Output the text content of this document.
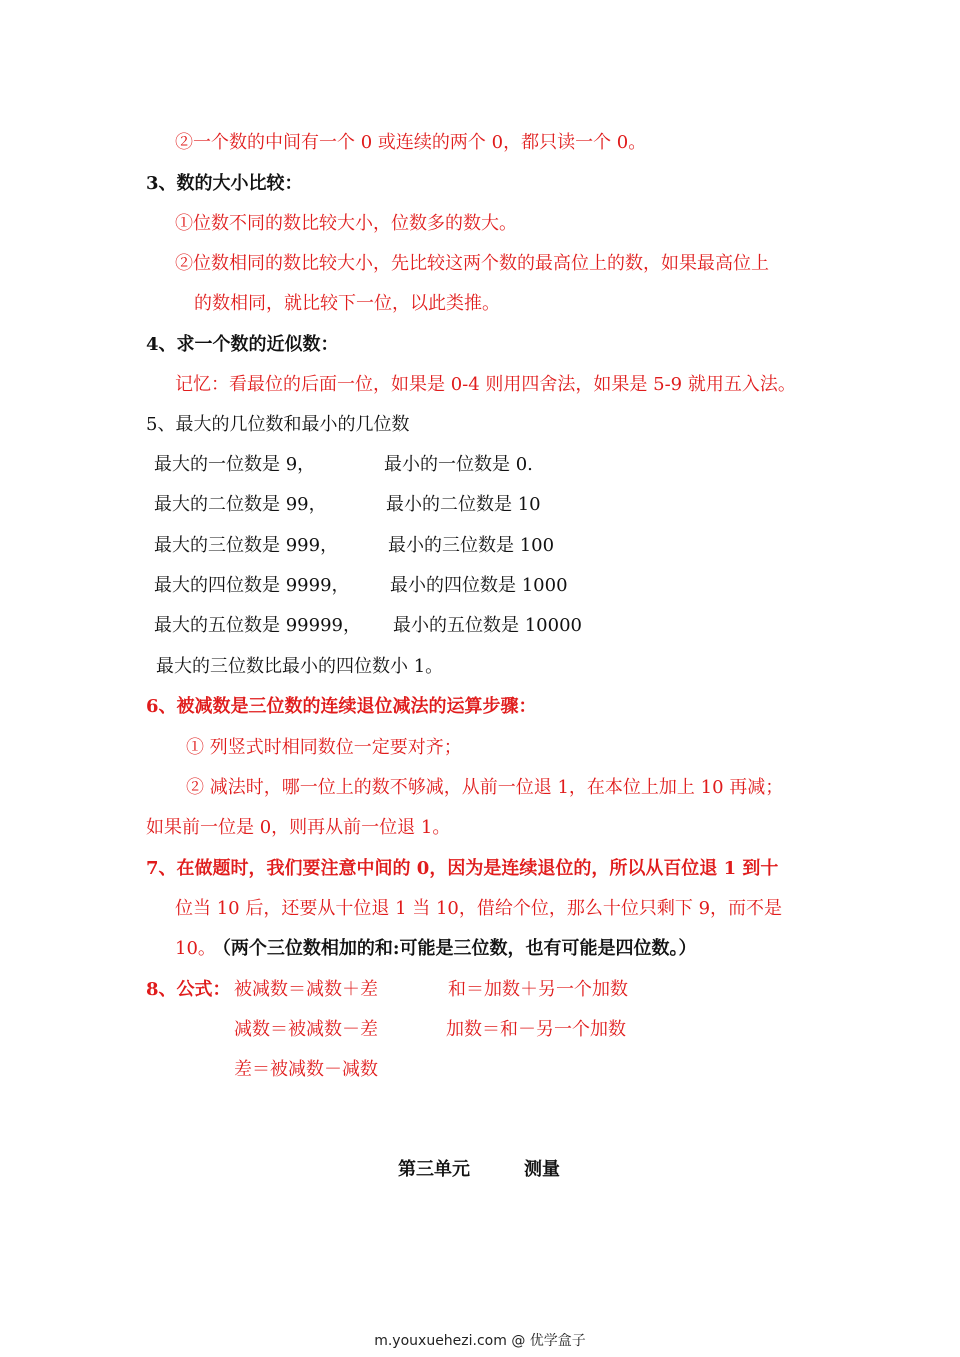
②一个数的中间有一个 0 或连续的两个 0，都只读一个 0。
3、数的大小比较：
①位数不同的数比较大小，位数多的数大。
②位数相同的数比较大小，先比较这两个数的最高位上的数，如果最高位上
的数相同，就比较下一位，以此类推。
4、求一个数的近似数：
记忆：看最位的后面一位，如果是 0-4 则用四舍法，如果是 5-9 就用五入法。
5、最大的几位数和最小的几位数
最大的一位数是 9，	最小的一位数是 0.
最大的二位数是 99，	最小的二位数是 10
最大的三位数是 999，	最小的三位数是 100
最大的四位数是 9999， 最小的四位数是 1000
最大的五位数是 99999， 最小的五位数是 10000
最大的三位数比最小的四位数小 1。
6、被减数是三位数的连续退位减法的运算步骤：
① 列竖式时相同数位一定要对齐；
② 减法时，哪一位上的数不够减，从前一位退 1，在本位上加上 10 再减；
如果前一位是 0，则再从前一位退 1。
7、在做题时，我们要注意中间的 0，因为是连续退位的，所以从百位退 1 到十
位当 10 后，还要从十位退 1 当 10，借给个位，那么十位只剩下 9，而不是
10。 （两个三位数相加的和:可能是三位数，也有可能是四位数。）
8、公式： 被减数＝减数＋差	和＝加数＋另一个加数
减数＝被减数－差	加数＝和－另一个加数
差＝被减数－减数
第三单元	测量
m.youxuehezi.com @ 优学盒子
